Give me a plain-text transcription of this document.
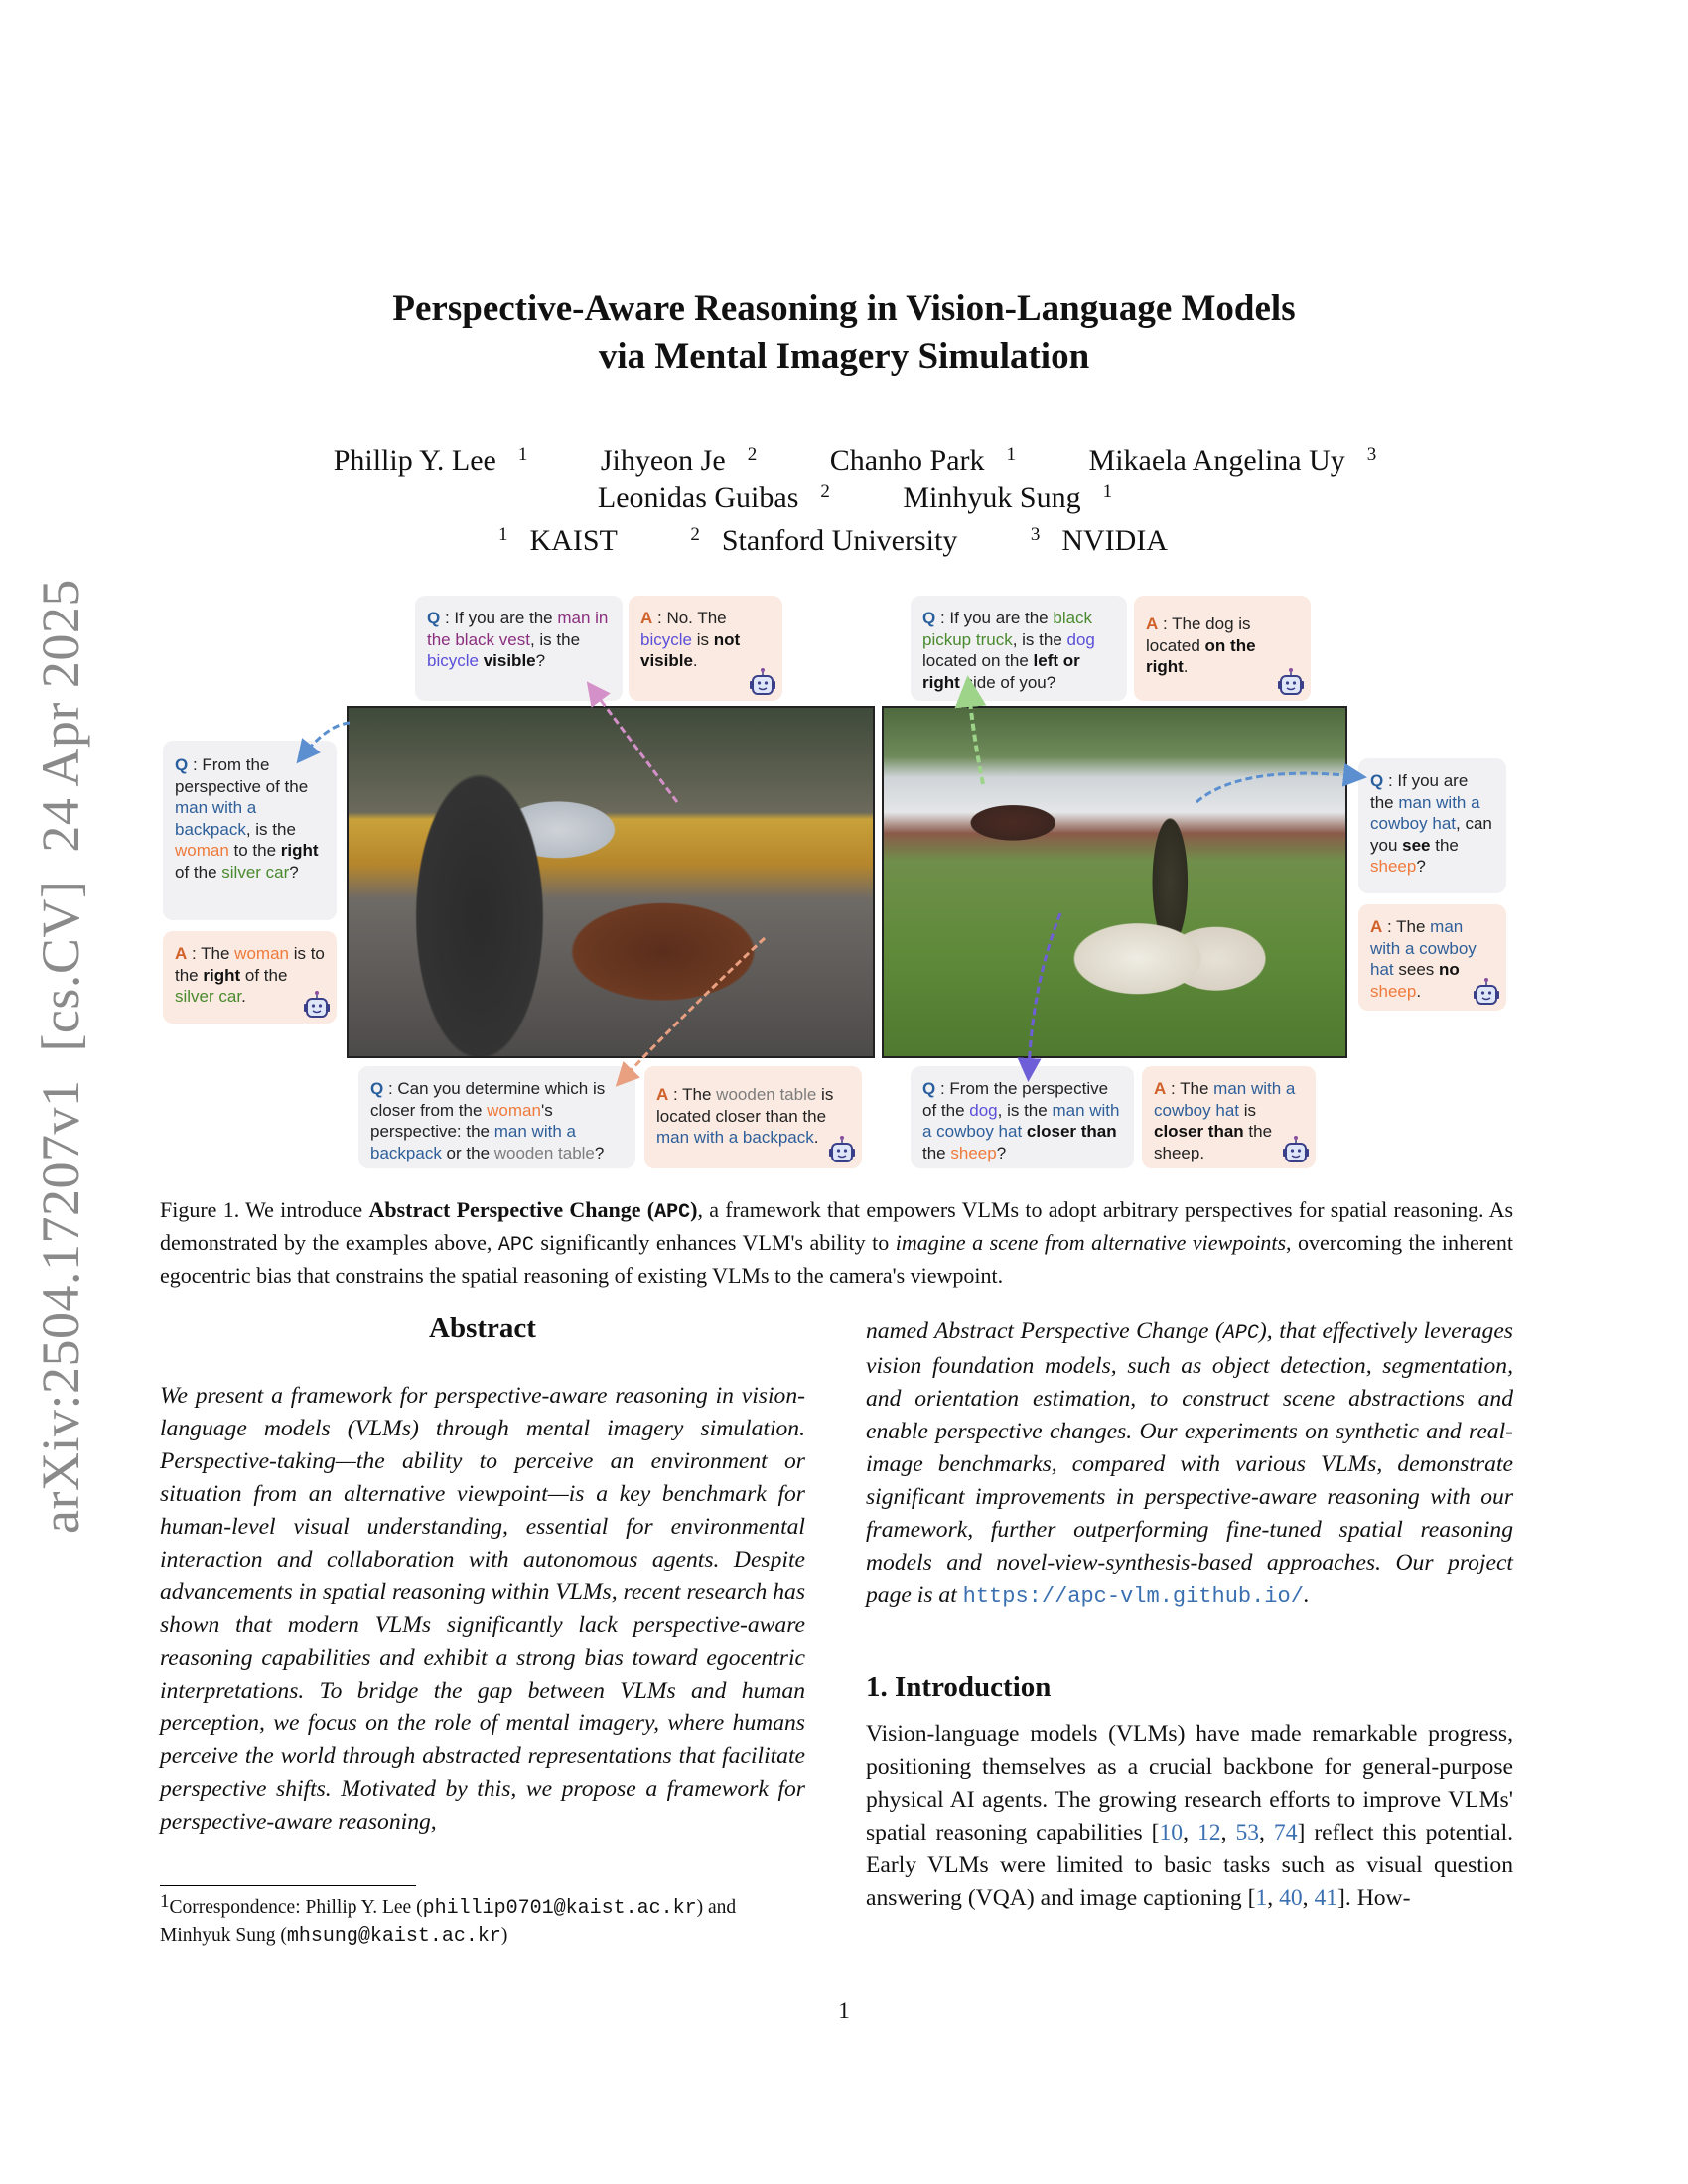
arXiv:2504.17207v1  [cs.CV]  24 Apr 2025
Perspective-Aware Reasoning in Vision-Language Models
via Mental Imagery Simulation
Phillip Y. Lee $^1$ Jihyeon Je $^2$ Chanho Park $^1$ Mikaela Angelina Uy $^3$
Leonidas Guibas $^2$ Minhyuk Sung $^1$
$^1$ KAIST	$^2$ Stanford University	$^3$ NVIDIA
Q : If you are the man in the black vest, is the bicycle visible?
A : No. The bicycle is not visible.
Q : If you are the black pickup truck, is the dog located on the left or right side of you?
A : The dog is located on the right.
Q : From the perspective of the man with a backpack, is the woman to the right of the silver car?
A : The woman is to the right of the silver car.
Q : If you are the man with a cowboy hat, can you see the sheep?
A : The man with a cowboy hat sees no sheep.
Q : Can you determine which is closer from the woman's perspective: the man with a backpack or the wooden table?
A : The wooden table is located closer than the man with a backpack.
Q : From the perspective of the dog, is the man with a cowboy hat closer than the sheep?
A : The man with a cowboy hat is closer than the sheep.
Figure 1. We introduce Abstract Perspective Change (APC), a framework that empowers VLMs to adopt arbitrary perspectives for spatial reasoning. As demonstrated by the examples above, APC significantly enhances VLM's ability to imagine a scene from alternative viewpoints, overcoming the inherent egocentric bias that constrains the spatial reasoning of existing VLMs to the camera's viewpoint.
Abstract
We present a framework for perspective-aware reasoning in vision-language models (VLMs) through mental imagery simulation. Perspective-taking—the ability to perceive an environment or situation from an alternative viewpoint—is a key benchmark for human-level visual understanding, essential for environmental interaction and collaboration with autonomous agents. Despite advancements in spatial reasoning within VLMs, recent research has shown that modern VLMs significantly lack perspective-aware reasoning capabilities and exhibit a strong bias toward egocentric interpretations. To bridge the gap between VLMs and human perception, we focus on the role of mental imagery, where humans perceive the world through abstracted representations that facilitate perspective shifts. Motivated by this, we propose a framework for perspective-aware reasoning,
named Abstract Perspective Change (APC), that effectively leverages vision foundation models, such as object detection, segmentation, and orientation estimation, to construct scene abstractions and enable perspective changes. Our experiments on synthetic and real-image benchmarks, compared with various VLMs, demonstrate significant improvements in perspective-aware reasoning with our framework, further outperforming fine-tuned spatial reasoning models and novel-view-synthesis-based approaches. Our project page is at https://apc-vlm.github.io/.
1. Introduction
Vision-language models (VLMs) have made remarkable progress, positioning themselves as a crucial backbone for general-purpose physical AI agents. The growing research efforts to improve VLMs' spatial reasoning capabilities [10, 12, 53, 74] reflect this potential. Early VLMs were limited to basic tasks such as visual question answering (VQA) and image captioning [1, 40, 41]. How-
$^1$Correspondence: Phillip Y. Lee (phillip0701@kaist.ac.kr) and Minhyuk Sung (mhsung@kaist.ac.kr)
1
